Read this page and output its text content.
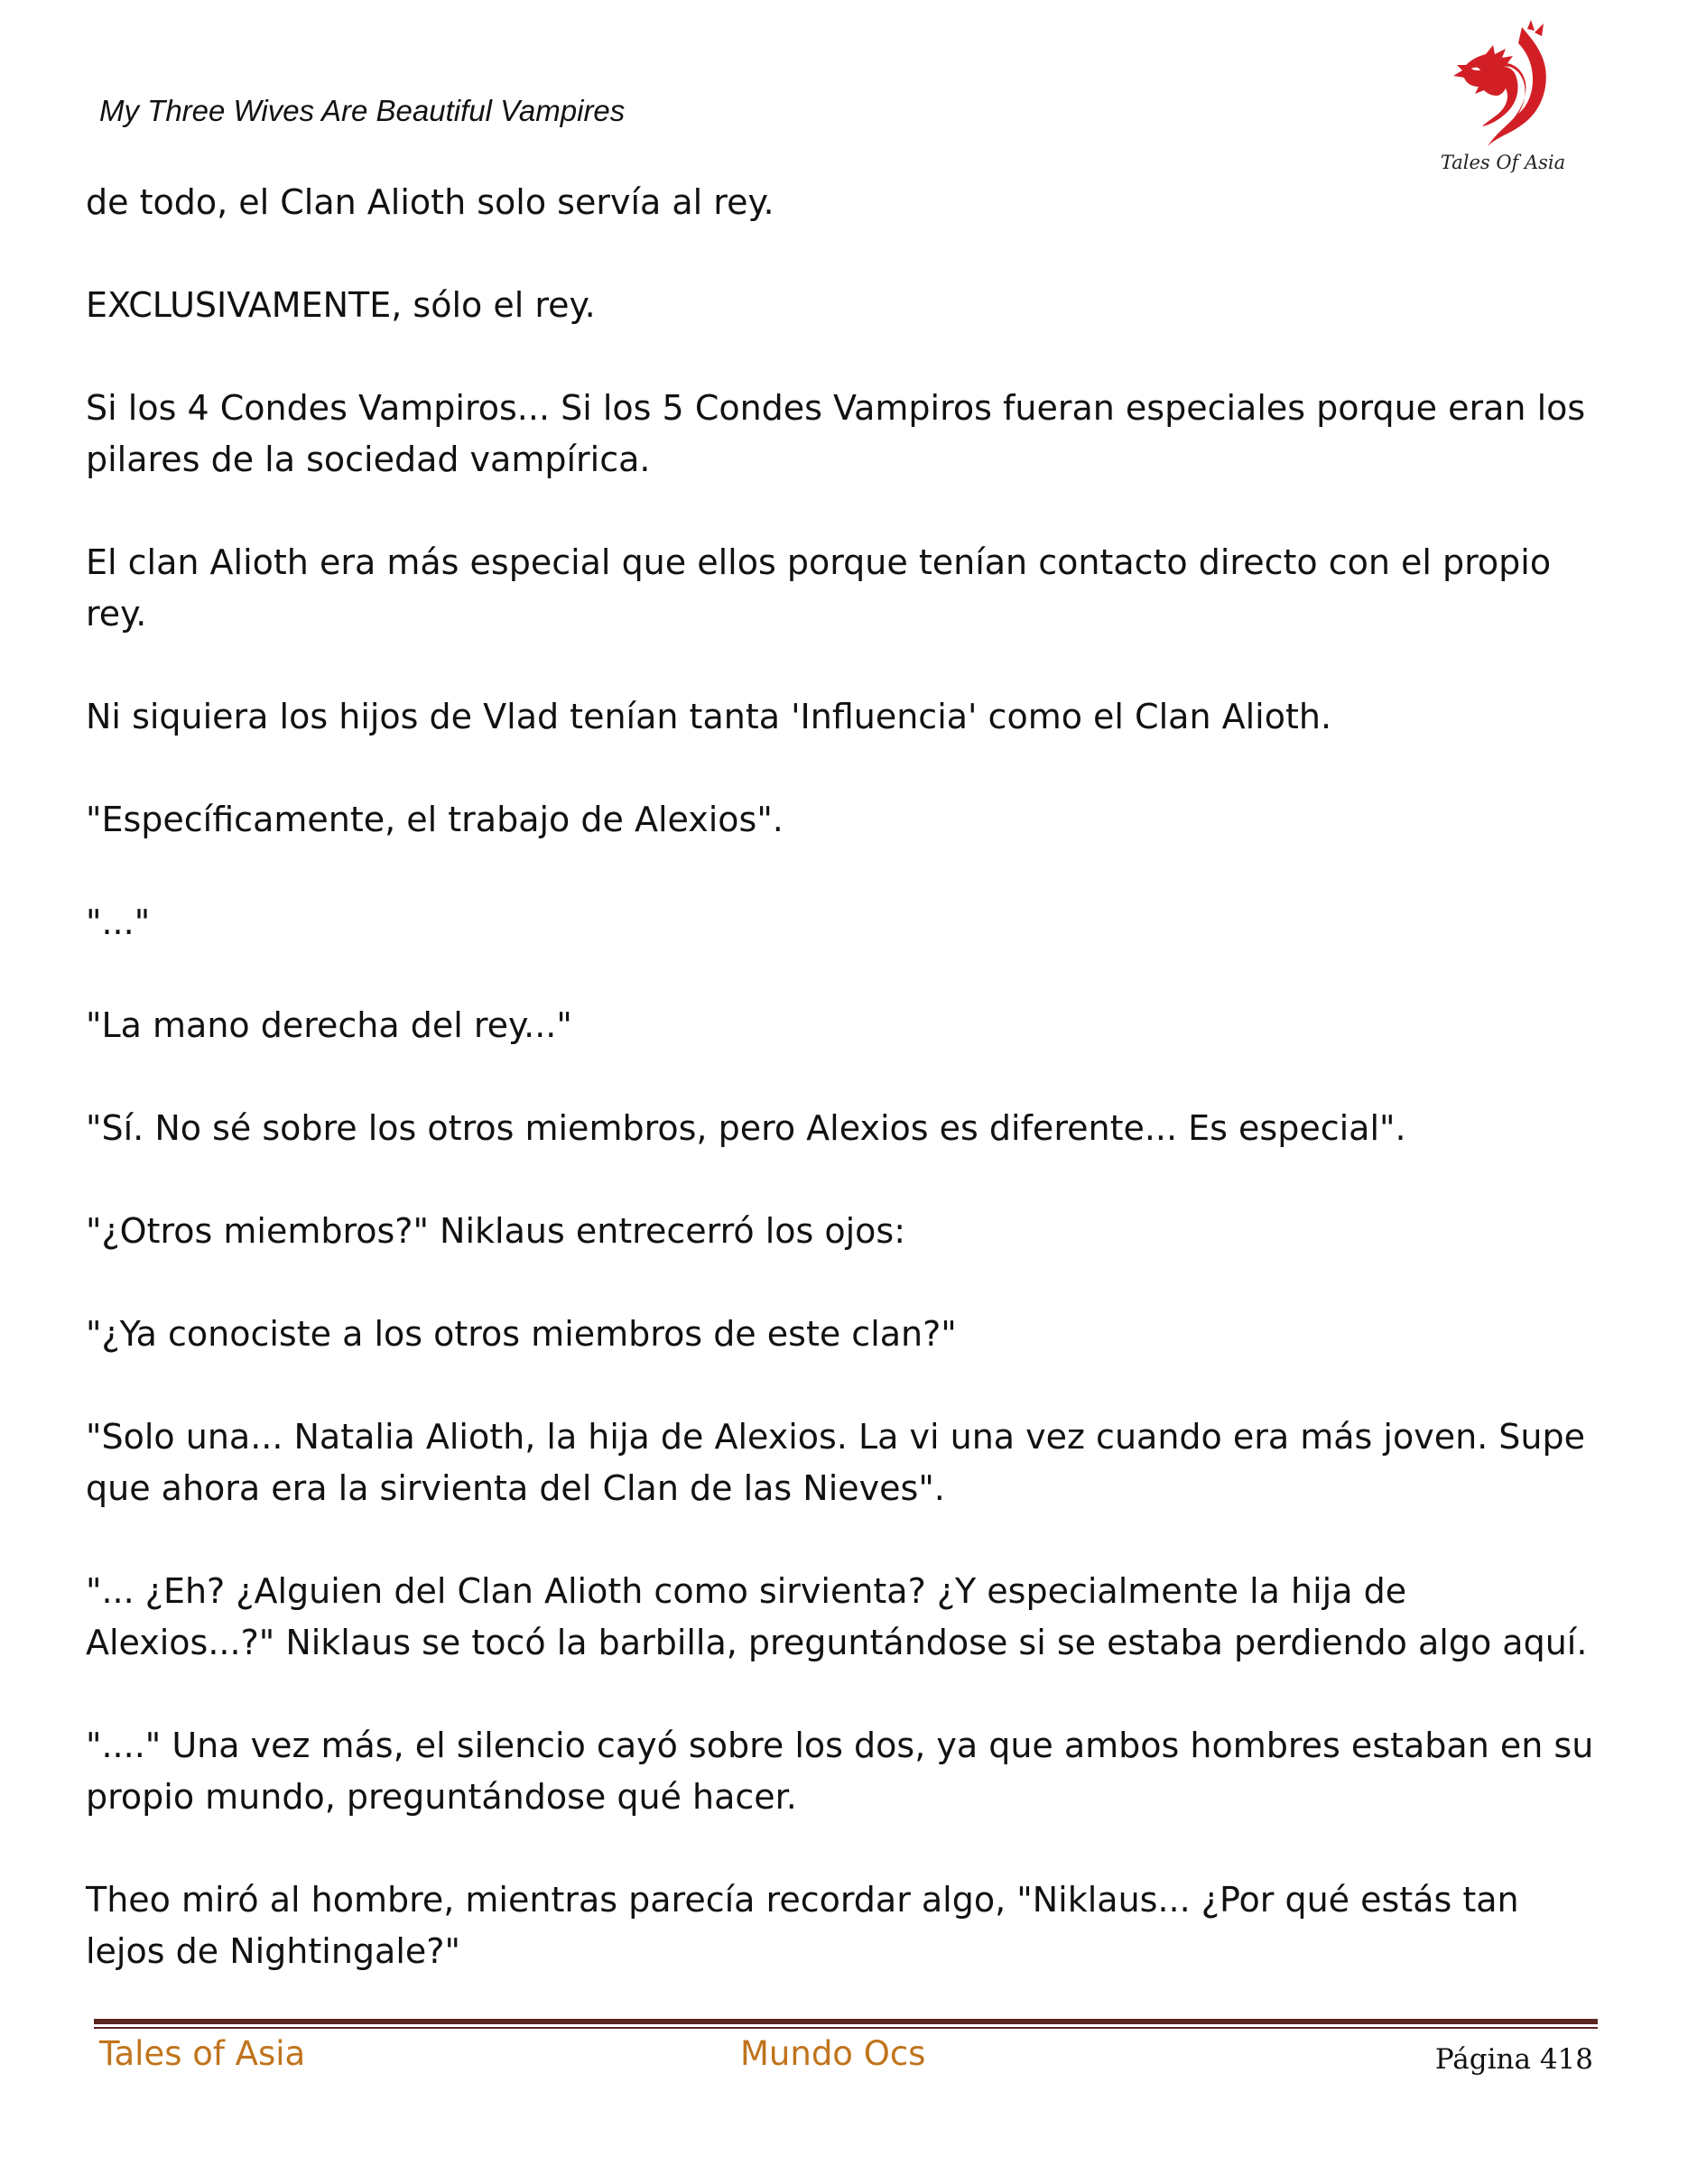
My Three Wives Are Beautiful Vampires
Tales Of Asia

de todo, el Clan Alioth solo servía al rey.

EXCLUSIVAMENTE, sólo el rey.

Si los 4 Condes Vampiros... Si los 5 Condes Vampiros fueran especiales porque eran los pilares de la sociedad vampírica.

El clan Alioth era más especial que ellos porque tenían contacto directo con el propio rey.

Ni siquiera los hijos de Vlad tenían tanta 'Influencia' como el Clan Alioth.

"Específicamente, el trabajo de Alexios".

"..."

"La mano derecha del rey..."

"Sí. No sé sobre los otros miembros, pero Alexios es diferente... Es especial".

"¿Otros miembros?" Niklaus entrecerró los ojos:

"¿Ya conociste a los otros miembros de este clan?"

"Solo una... Natalia Alioth, la hija de Alexios. La vi una vez cuando era más joven. Supe que ahora era la sirvienta del Clan de las Nieves".

"... ¿Eh? ¿Alguien del Clan Alioth como sirvienta? ¿Y especialmente la hija de Alexios...?" Niklaus se tocó la barbilla, preguntándose si se estaba perdiendo algo aquí.

"...." Una vez más, el silencio cayó sobre los dos, ya que ambos hombres estaban en su propio mundo, preguntándose qué hacer.

Theo miró al hombre, mientras parecía recordar algo, "Niklaus... ¿Por qué estás tan lejos de Nightingale?"

Tales of Asia	Mundo Ocs	Página 418
